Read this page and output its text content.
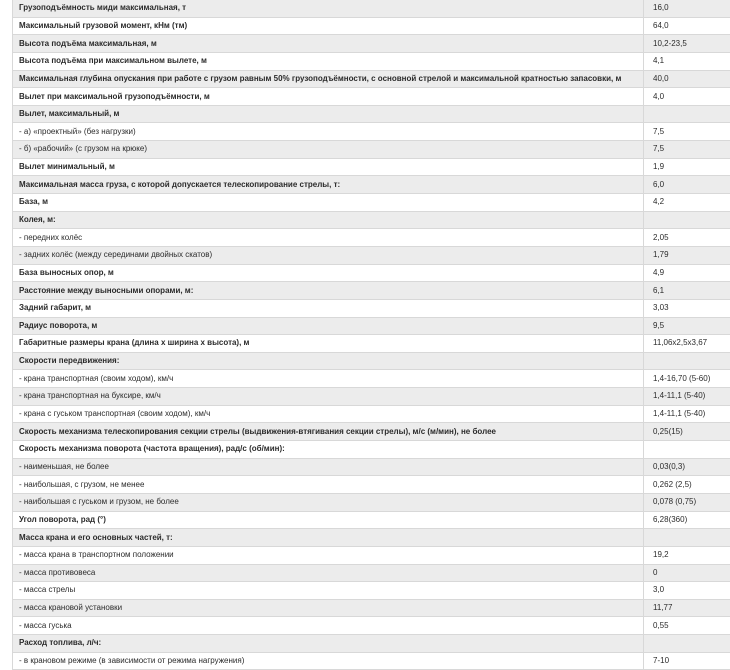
Грузоподъёмность миди максимальная, т	16,0
Максимальный грузовой момент, кНм (тм)	64,0
Высота подъёма максимальная, м	10,2-23,5
Высота подъёма при максимальном вылете, м	4,1
Максимальная глубина опускания при работе с грузом равным 50% грузоподъёмности, с основной стрелой и максимальной кратностью запасовки, м	40,0
Вылет при максимальной грузоподъёмности, м	4,0
Вылет, максимальный, м	
- а) «проектный» (без нагрузки)	7,5
- б) «рабочий» (с грузом на крюке)	7,5
Вылет минимальный, м	1,9
Максимальная масса груза, с которой допускается телескопирование стрелы, т:	6,0
База, м	4,2
Колея, м:	
- передних колёс	2,05
- задних колёс (между серединами двойных скатов)	1,79
База выносных опор, м	4,9
Расстояние между выносными опорами, м:	6,1
Задний габарит, м	3,03
Радиус поворота, м	9,5
Габаритные размеры крана (длина х ширина х высота), м	11,06х2,5х3,67
Скорости передвижения:	
- крана транспортная (своим ходом), км/ч	1,4-16,70 (5-60)
- крана транспортная на буксире, км/ч	1,4-11,1 (5-40)
- крана с гуськом транспортная (своим ходом), км/ч	1,4-11,1 (5-40)
Скорость механизма телескопирования секции стрелы (выдвижения-втягивания секции стрелы), м/с (м/мин), не более	0,25(15)
Скорость механизма поворота (частота вращения), рад/с (об/мин):	
- наименьшая, не более	0,03(0,3)
- наибольшая, с грузом, не менее	0,262 (2,5)
- наибольшая с гуськом и грузом, не более	0,078 (0,75)
Угол поворота, рад (°)	6,28(360)
Масса крана и его основных частей, т:	
- масса крана в транспортном положении	19,2
- масса противовеса	0
- масса стрелы	3,0
- масса крановой установки	11,77
- масса гуська	0,55
Расход топлива, л/ч:	
- в крановом режиме (в зависимости от режима нагружения)	7-10
